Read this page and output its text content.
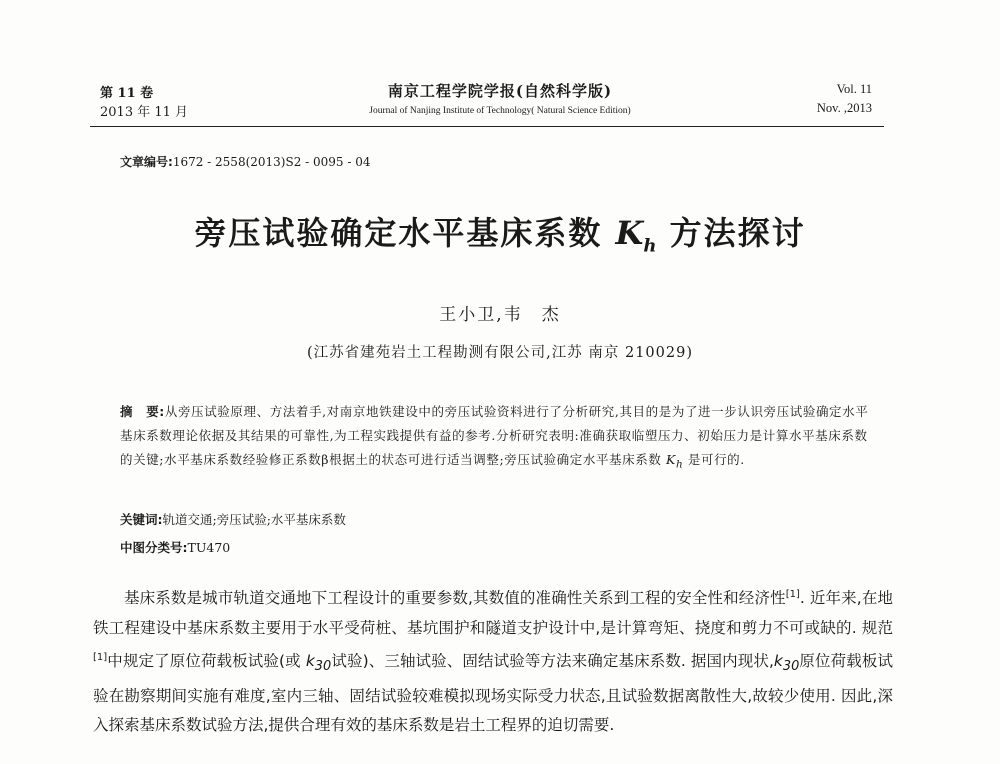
第 11 卷
2013 年 11 月
南京工程学院学报(自然科学版)
Journal of Nanjing Institute of Technology( Natural Science Edition)
Vol. 11
Nov. ,2013
文章编号:1672 - 2558(2013)S2 - 0095 - 04
旁压试验确定水平基床系数 $K_h$ 方法探讨
王小卫,韦　杰
(江苏省建苑岩土工程勘测有限公司,江苏 南京 210029)
摘　要:从旁压试验原理、方法着手,对南京地铁建设中的旁压试验资料进行了分析研究,其目的是为了进一步认识旁压试验确定水平基床系数理论依据及其结果的可靠性,为工程实践提供有益的参考.分析研究表明:准确获取临塑压力、初始压力是计算水平基床系数的关键;水平基床系数经验修正系数β根据土的状态可进行适当调整;旁压试验确定水平基床系数 $K_h$ 是可行的.
关键词:轨道交通;旁压试验;水平基床系数
中图分类号:TU470
基床系数是城市轨道交通地下工程设计的重要参数,其数值的准确性关系到工程的安全性和经济性[1]. 近年来,在地铁工程建设中基床系数主要用于水平受荷桩、基坑围护和隧道支护设计中,是计算弯矩、挠度和剪力不可或缺的. 规范[1]中规定了原位荷载板试验(或 $k_{30}$试验)、三轴试验、固结试验等方法来确定基床系数. 据国内现状$,k_{30}$原位荷载板试验在勘察期间实施有难度,室内三轴、固结试验较难模拟现场实际受力状态,且试验数据离散性大,故较少使用. 因此,深入探索基床系数试验方法,提供合理有效的基床系数是岩土工程界的迫切需要.
